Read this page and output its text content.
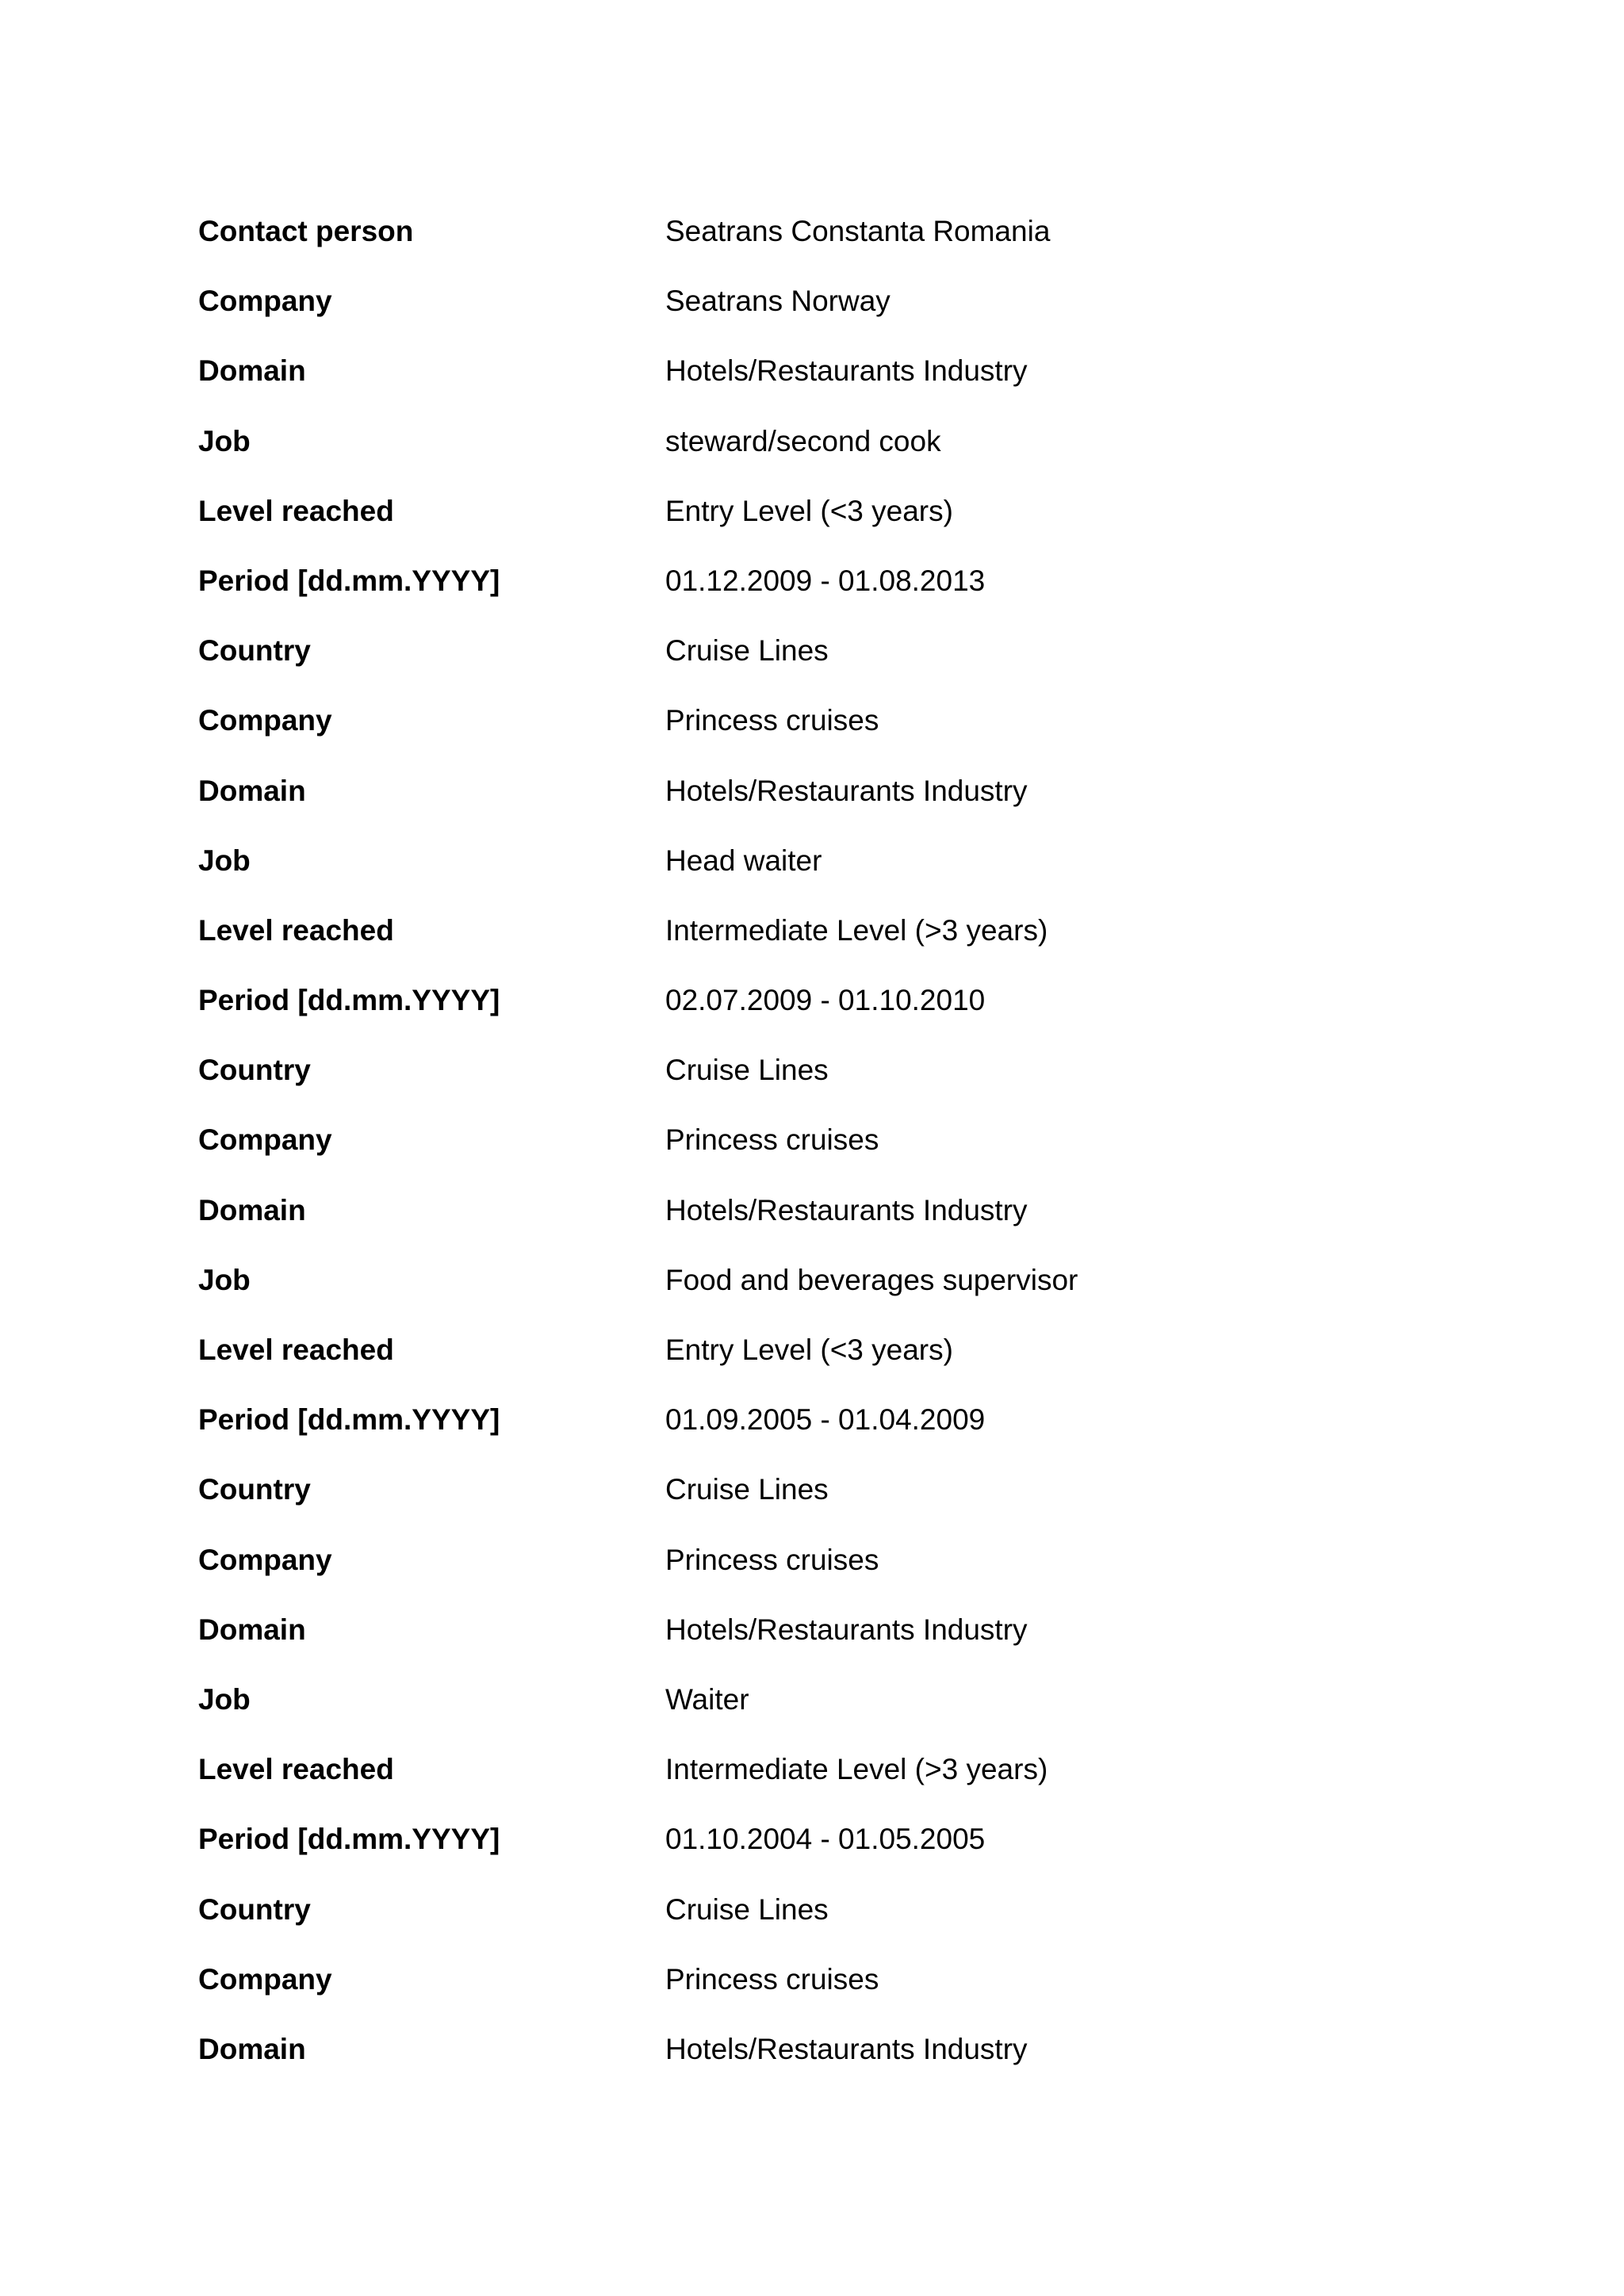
Contact person	Seatrans Constanta Romania
Company	Seatrans Norway
Domain	Hotels/Restaurants Industry
Job	steward/second cook
Level reached	Entry Level (<3 years)
Period [dd.mm.YYYY]	01.12.2009 - 01.08.2013
Country	Cruise Lines
Company	Princess cruises
Domain	Hotels/Restaurants Industry
Job	Head waiter
Level reached	Intermediate Level (>3 years)
Period [dd.mm.YYYY]	02.07.2009 - 01.10.2010
Country	Cruise Lines
Company	Princess cruises
Domain	Hotels/Restaurants Industry
Job	Food and beverages supervisor
Level reached	Entry Level (<3 years)
Period [dd.mm.YYYY]	01.09.2005 - 01.04.2009
Country	Cruise Lines
Company	Princess cruises
Domain	Hotels/Restaurants Industry
Job	Waiter
Level reached	Intermediate Level (>3 years)
Period [dd.mm.YYYY]	01.10.2004 - 01.05.2005
Country	Cruise Lines
Company	Princess cruises
Domain	Hotels/Restaurants Industry
